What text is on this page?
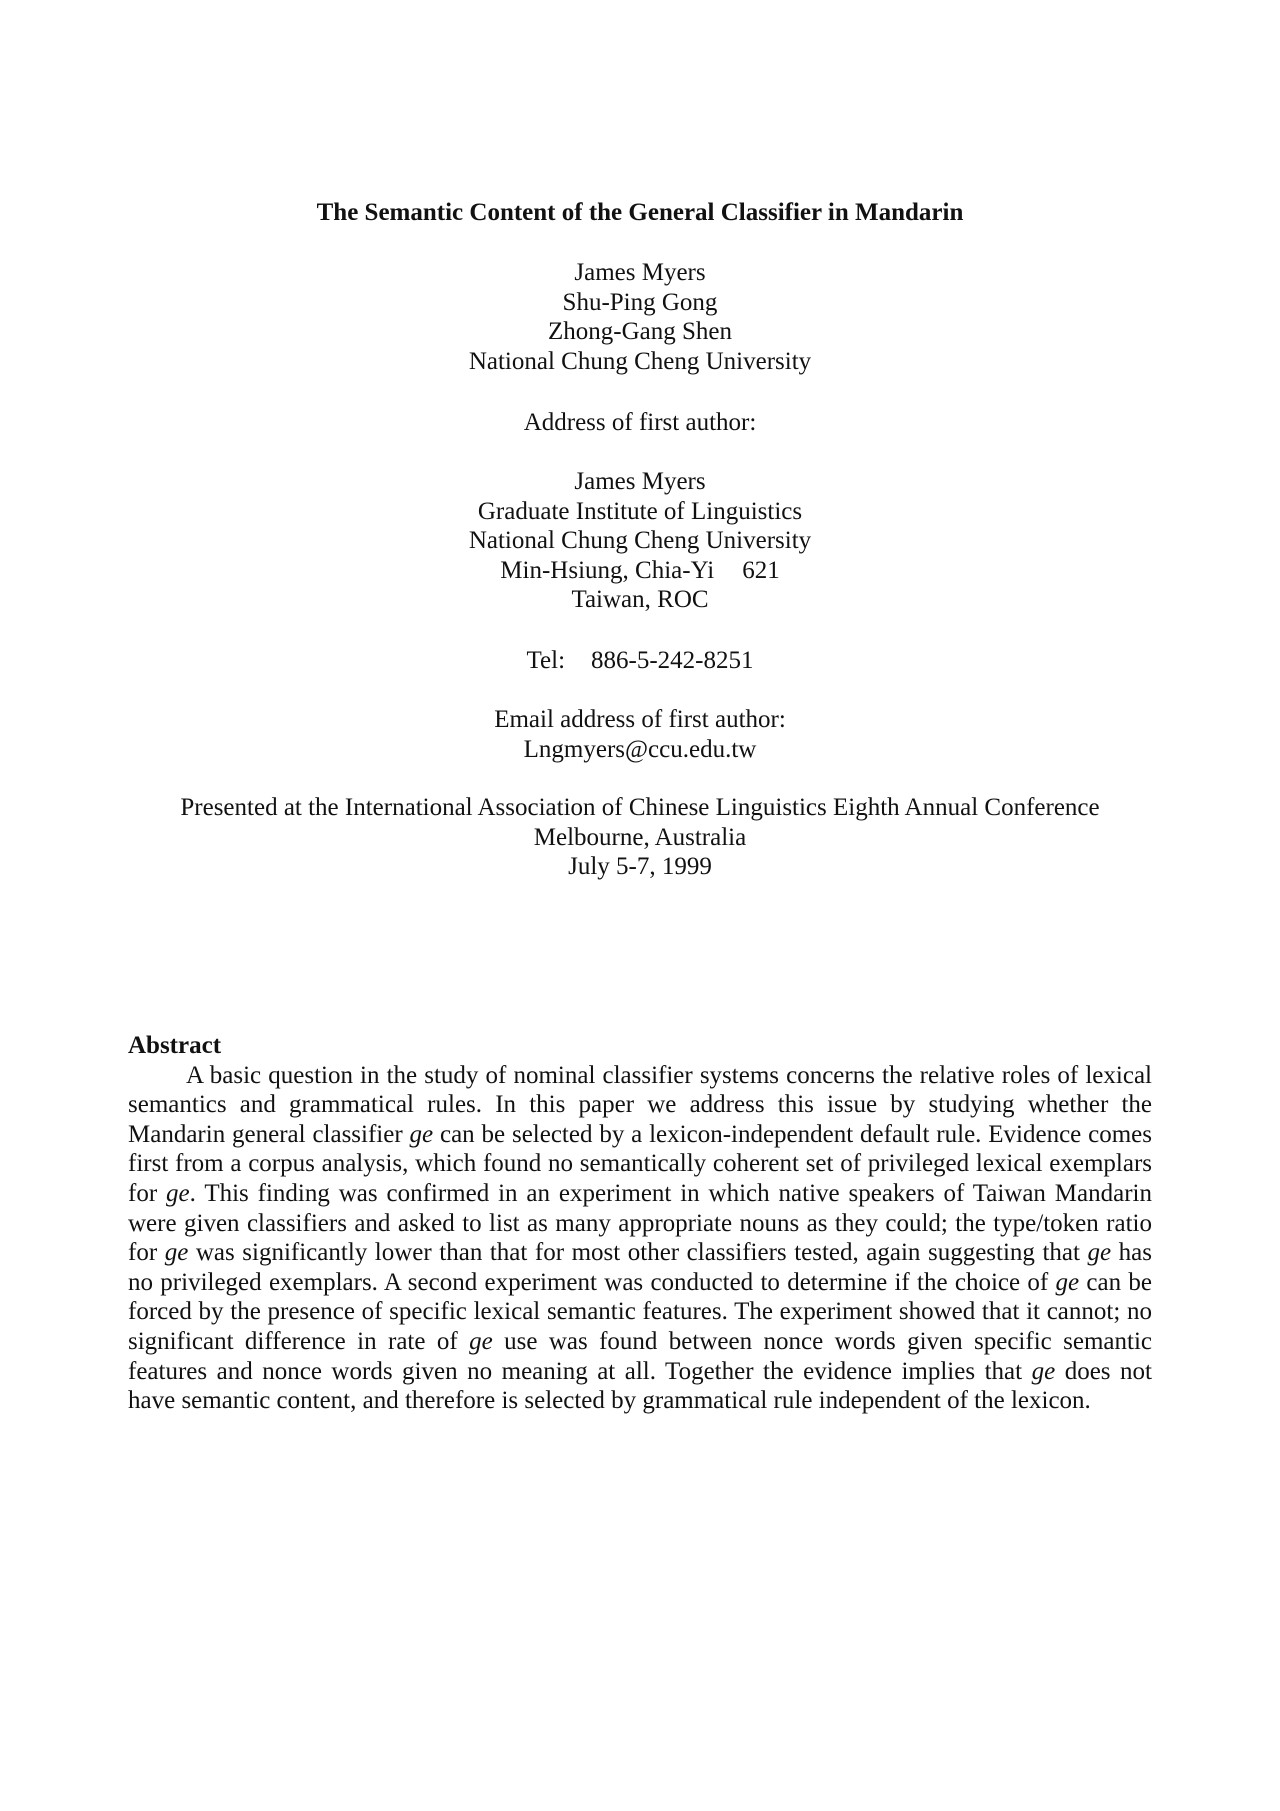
The Semantic Content of the General Classifier in Mandarin
James Myers
Shu-Ping Gong
Zhong-Gang Shen
National Chung Cheng University
Address of first author:
James Myers
Graduate Institute of Linguistics
National Chung Cheng University
Min-Hsiung, Chia-Yi 621
Taiwan, ROC
Tel: 886-5-242-8251
Email address of first author:
Lngmyers@ccu.edu.tw
Presented at the International Association of Chinese Linguistics Eighth Annual Conference
Melbourne, Australia
July 5-7, 1999
Abstract

A basic question in the study of nominal classifier systems concerns the relative roles of lexical semantics and grammatical rules. In this paper we address this issue by studying whether the Mandarin general classifier ge can be selected by a lexicon-independent default rule. Evidence comes first from a corpus analysis, which found no semantically coherent set of privileged lexical exemplars for ge. This finding was confirmed in an experiment in which native speakers of Taiwan Mandarin were given classifiers and asked to list as many appropriate nouns as they could; the type/token ratio for ge was significantly lower than that for most other classifiers tested, again suggesting that ge has no privileged exemplars. A second experiment was conducted to determine if the choice of ge can be forced by the presence of specific lexical semantic features. The experiment showed that it cannot; no significant difference in rate of ge use was found between nonce words given specific semantic features and nonce words given no meaning at all. Together the evidence implies that ge does not have semantic content, and therefore is selected by grammatical rule independent of the lexicon.
